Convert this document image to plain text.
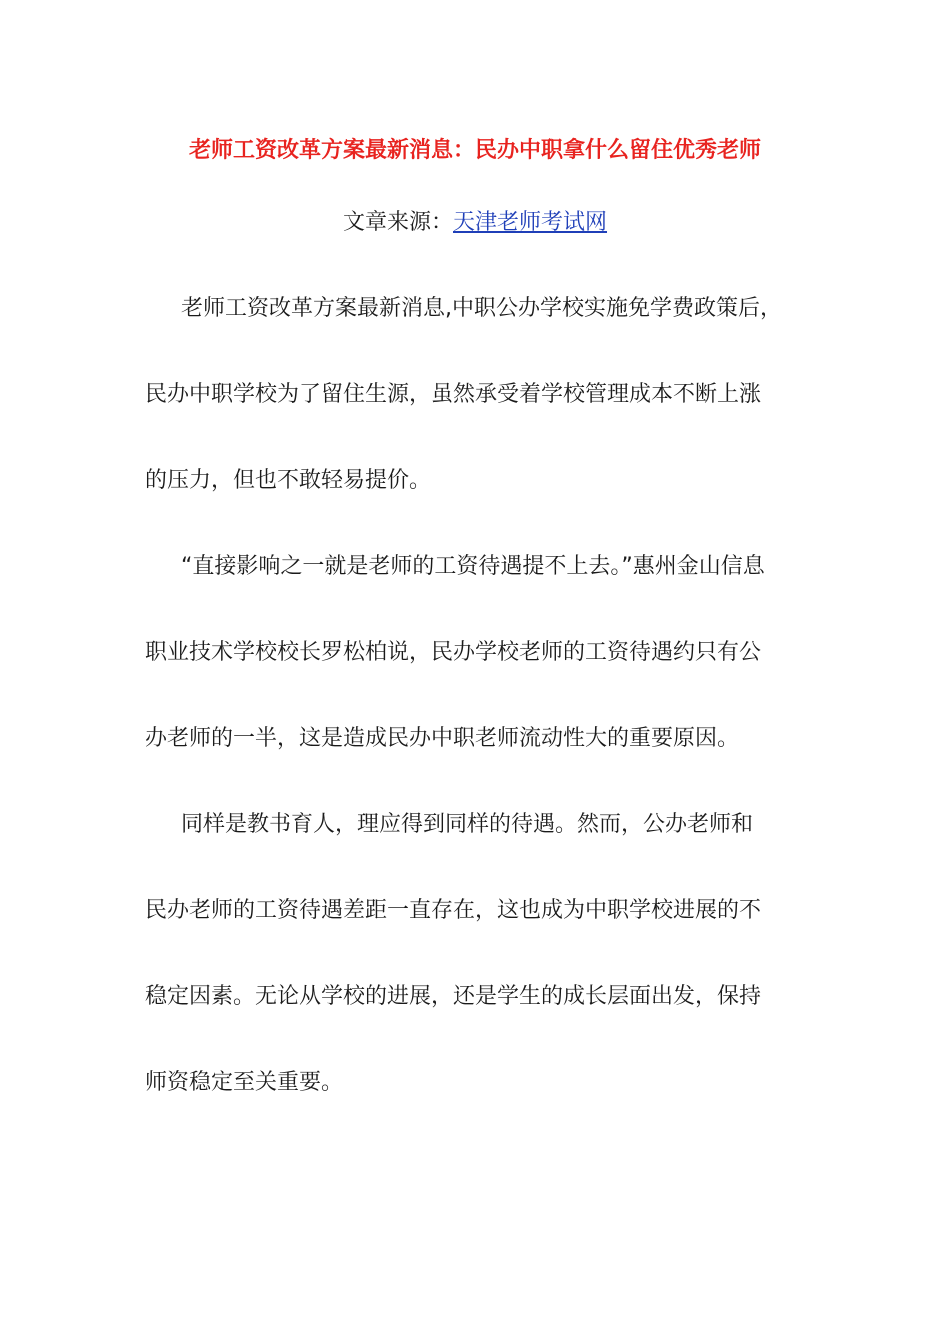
老师工资改革方案最新消息：民办中职拿什么留住优秀老师
文章来源：天津老师考试网
老师工资改革方案最新消息,中职公办学校实施免学费政策后，
民办中职学校为了留住生源，虽然承受着学校管理成本不断上涨
的压力，但也不敢轻易提价。
“直接影响之一就是老师的工资待遇提不上去。”惠州金山信息
职业技术学校校长罗松柏说，民办学校老师的工资待遇约只有公
办老师的一半，这是造成民办中职老师流动性大的重要原因。
同样是教书育人，理应得到同样的待遇。然而，公办老师和
民办老师的工资待遇差距一直存在，这也成为中职学校进展的不
稳定因素。无论从学校的进展，还是学生的成长层面出发，保持
师资稳定至关重要。
